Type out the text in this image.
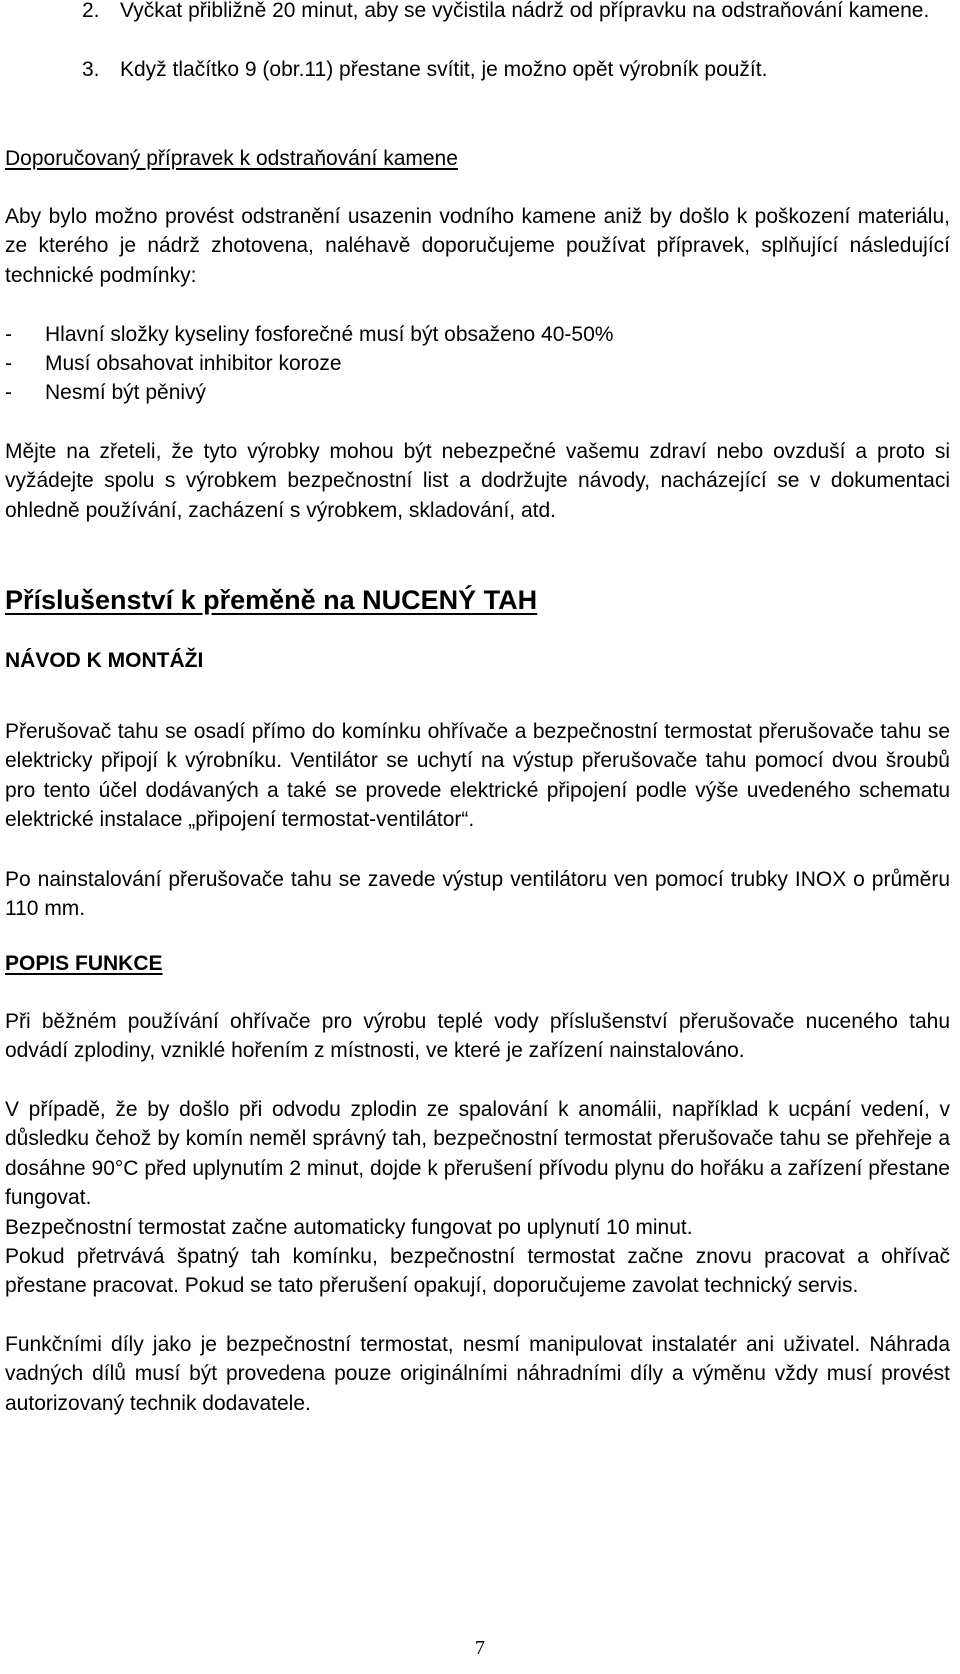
2. Vyčkat přibližně 20 minut, aby se vyčistila nádrž od přípravku na odstraňování kamene.
3. Když tlačítko 9 (obr.11) přestane svítit, je možno opět výrobník použít.

Doporučovaný přípravek k odstraňování kamene

Aby bylo možno provést odstranění usazenin vodního kamene aniž by došlo k poškození materiálu, ze kterého je nádrž zhotovena, naléhavě doporučujeme používat přípravek, splňující následující technické podmínky:

- Hlavní složky kyseliny fosforečné musí být obsaženo 40-50%

- Musí obsahovat inhibitor koroze

- Nesmí být pěnivý

Mějte na zřeteli, že tyto výrobky mohou být nebezpečné vašemu zdraví nebo ovzduší a proto si vyžádejte spolu s výrobkem bezpečnostní list a dodržujte návody, nacházející se v dokumentaci ohledně používání, zacházení s výrobkem, skladování, atd.

Příslušenství k přeměně na NUCENÝ TAH

NÁVOD K MONTÁŽI

Přerušovač tahu se osadí přímo do komínku ohřívače a bezpečnostní termostat přerušovače tahu se elektricky připojí k výrobníku. Ventilátor se uchytí na výstup přerušovače tahu pomocí dvou šroubů pro tento účel dodávaných a také se provede elektrické připojení podle výše uvedeného schematu elektrické instalace „připojení termostat-ventilátor“.

Po nainstalování přerušovače tahu se zavede výstup ventilátoru ven pomocí trubky INOX o průměru 110 mm.

POPIS FUNKCE

Při běžném používání ohřívače pro výrobu teplé vody příslušenství přerušovače nuceného tahu odvádí zplodiny, vzniklé hořením z místnosti, ve které je zařízení nainstalováno.

V případě, že by došlo při odvodu zplodin ze spalování k anomálii, například k ucpání vedení, v důsledku čehož by komín neměl správný tah, bezpečnostní termostat přerušovače tahu se přehřeje a dosáhne 90°C před uplynutím 2 minut, dojde k přerušení přívodu plynu do hořáku a zařízení přestane fungovat.

Bezpečnostní termostat začne automaticky fungovat po uplynutí 10 minut.

Pokud přetrvává špatný tah komínku, bezpečnostní termostat začne znovu pracovat a ohřívač přestane pracovat. Pokud se tato přerušení opakují, doporučujeme zavolat technický servis.

Funkčními díly jako je bezpečnostní termostat, nesmí manipulovat instalatér ani uživatel. Náhrada vadných dílů musí být provedena pouze originálními náhradními díly a výměnu vždy musí provést autorizovaný technik dodavatele.

7
